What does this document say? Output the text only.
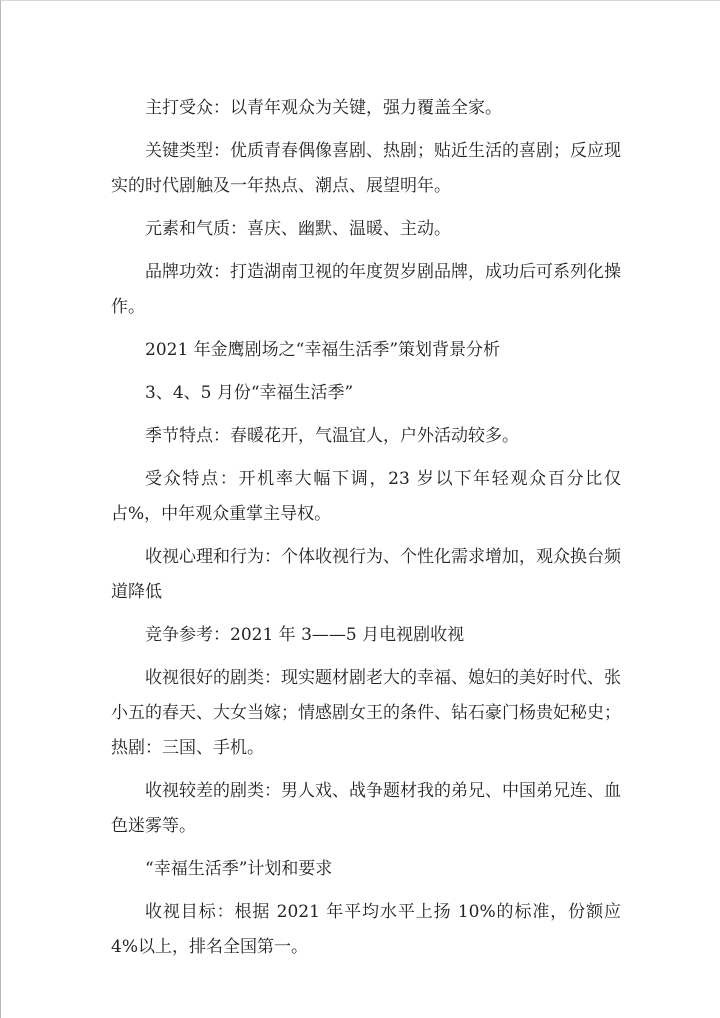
主打受众：以青年观众为关键，强力覆盖全家。

关键类型：优质青春偶像喜剧、热剧；贴近生活的喜剧；反应现实的时代剧触及一年热点、潮点、展望明年。

元素和气质：喜庆、幽默、温暖、主动。

品牌功效：打造湖南卫视的年度贺岁剧品牌，成功后可系列化操作。

2021 年金鹰剧场之“幸福生活季”策划背景分析

3、4、5 月份“幸福生活季”

季节特点：春暖花开，气温宜人，户外活动较多。

受众特点：开机率大幅下调，23 岁以下年轻观众百分比仅占%，中年观众重掌主导权。

收视心理和行为：个体收视行为、个性化需求增加，观众换台频道降低

竞争参考：2021 年 3——5 月电视剧收视

收视很好的剧类：现实题材剧老大的幸福、媳妇的美好时代、张小五的春天、大女当嫁；情感剧女王的条件、钻石豪门杨贵妃秘史；热剧：三国、手机。

收视较差的剧类：男人戏、战争题材我的弟兄、中国弟兄连、血色迷雾等。

“幸福生活季”计划和要求

收视目标：根据 2021 年平均水平上扬 10%的标准，份额应 4%以上，排名全国第一。
